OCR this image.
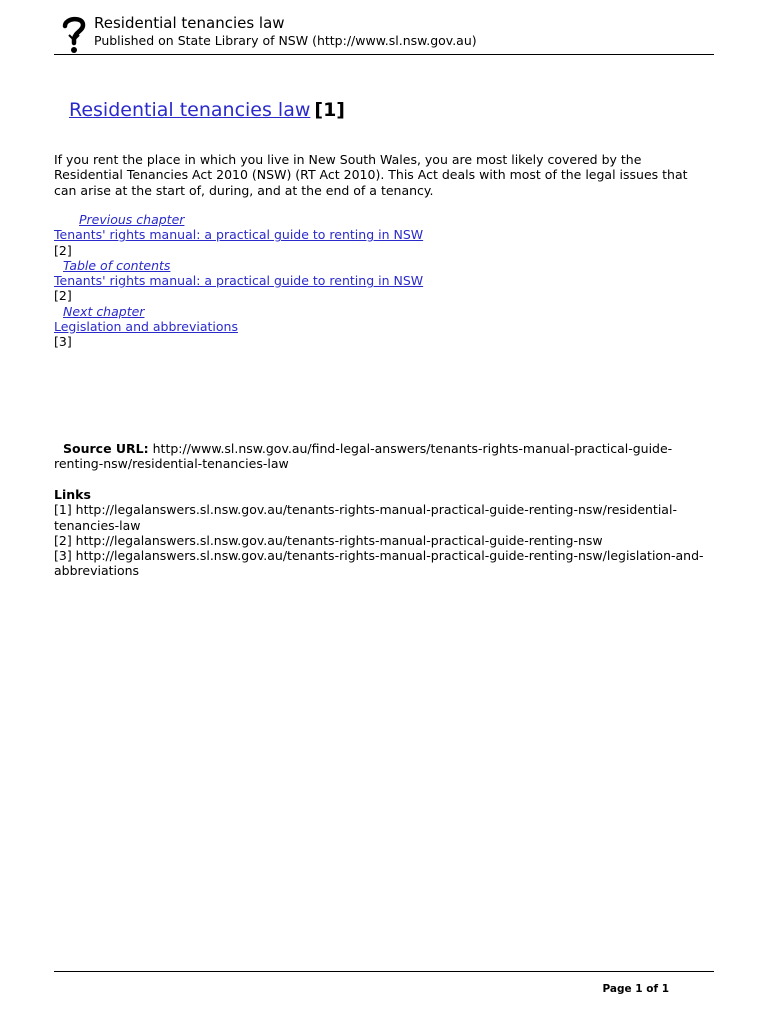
Residential tenancies law
Published on State Library of NSW (http://www.sl.nsw.gov.au)
Residential tenancies law [1]
If you rent the place in which you live in New South Wales, you are most likely covered by the Residential Tenancies Act 2010 (NSW) (RT Act 2010). This Act deals with most of the legal issues that can arise at the start of, during, and at the end of a tenancy.
Previous chapter
Tenants' rights manual: a practical guide to renting in NSW
[2]
Table of contents
Tenants' rights manual: a practical guide to renting in NSW
[2]
Next chapter
Legislation and abbreviations
[3]
Source URL: http://www.sl.nsw.gov.au/find-legal-answers/tenants-rights-manual-practical-guide-renting-nsw/residential-tenancies-law
Links
[1] http://legalanswers.sl.nsw.gov.au/tenants-rights-manual-practical-guide-renting-nsw/residential-tenancies-law
[2] http://legalanswers.sl.nsw.gov.au/tenants-rights-manual-practical-guide-renting-nsw
[3] http://legalanswers.sl.nsw.gov.au/tenants-rights-manual-practical-guide-renting-nsw/legislation-and-abbreviations
Page 1 of 1
